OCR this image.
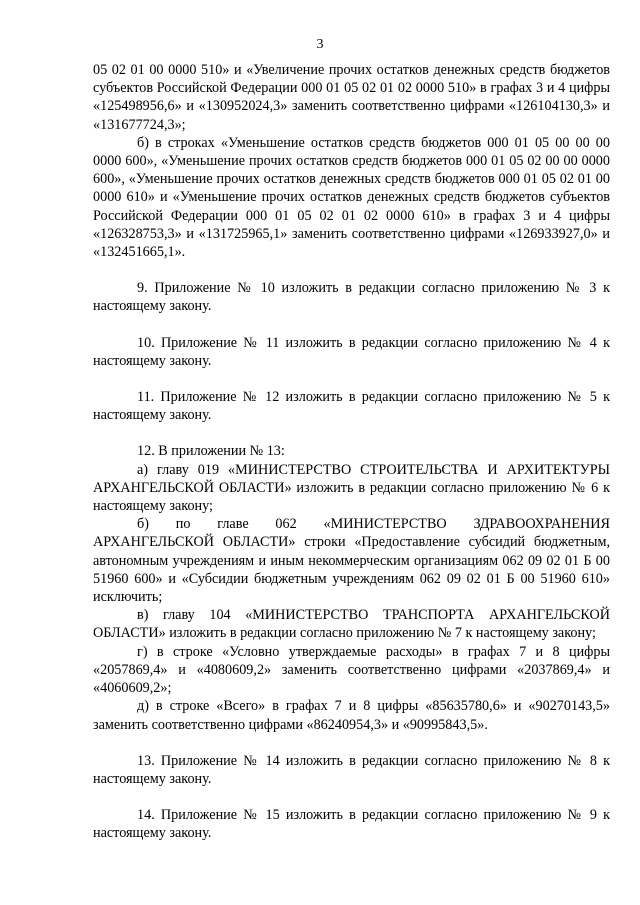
3

05 02 01 00 0000 510» и «Увеличение прочих остатков денежных средств бюджетов субъектов Российской Федерации 000 01 05 02 01 02 0000 510» в графах 3 и 4 цифры «125498956,6» и «130952024,3» заменить соответственно цифрами «126104130,3» и «131677724,3»;

б) в строках «Уменьшение остатков средств бюджетов 000 01 05 00 00 00 0000 600», «Уменьшение прочих остатков средств бюджетов 000 01 05 02 00 00 0000 600», «Уменьшение прочих остатков денежных средств бюджетов 000 01 05 02 01 00 0000 610» и «Уменьшение прочих остатков денежных средств бюджетов субъектов Российской Федерации 000 01 05 02 01 02 0000 610» в графах 3 и 4 цифры «126328753,3» и «131725965,1» заменить соответственно цифрами «126933927,0» и «132451665,1».

9. Приложение № 10 изложить в редакции согласно приложению № 3 к настоящему закону.

10. Приложение № 11 изложить в редакции согласно приложению № 4 к настоящему закону.

11. Приложение № 12 изложить в редакции согласно приложению № 5 к настоящему закону.

12. В приложении № 13:

а) главу 019 «МИНИСТЕРСТВО СТРОИТЕЛЬСТВА И АРХИТЕКТУРЫ АРХАНГЕЛЬСКОЙ ОБЛАСТИ» изложить в редакции согласно приложению № 6 к настоящему закону;

б) по главе 062 «МИНИСТЕРСТВО ЗДРАВООХРАНЕНИЯ АРХАНГЕЛЬСКОЙ ОБЛАСТИ» строки «Предоставление субсидий бюджетным, автономным учреждениям и иным некоммерческим организациям 062 09 02 01 Б 00 51960 600» и «Субсидии бюджетным учреждениям 062 09 02 01 Б 00 51960 610» исключить;

в) главу 104 «МИНИСТЕРСТВО ТРАНСПОРТА АРХАНГЕЛЬСКОЙ ОБЛАСТИ» изложить в редакции согласно приложению № 7 к настоящему закону;

г) в строке «Условно утверждаемые расходы» в графах 7 и 8 цифры «2057869,4» и «4080609,2» заменить соответственно цифрами «2037869,4» и «4060609,2»;

д) в строке «Всего» в графах 7 и 8 цифры «85635780,6» и «90270143,5» заменить соответственно цифрами «86240954,3» и «90995843,5».

13. Приложение № 14 изложить в редакции согласно приложению № 8 к настоящему закону.

14. Приложение № 15 изложить в редакции согласно приложению № 9 к настоящему закону.
